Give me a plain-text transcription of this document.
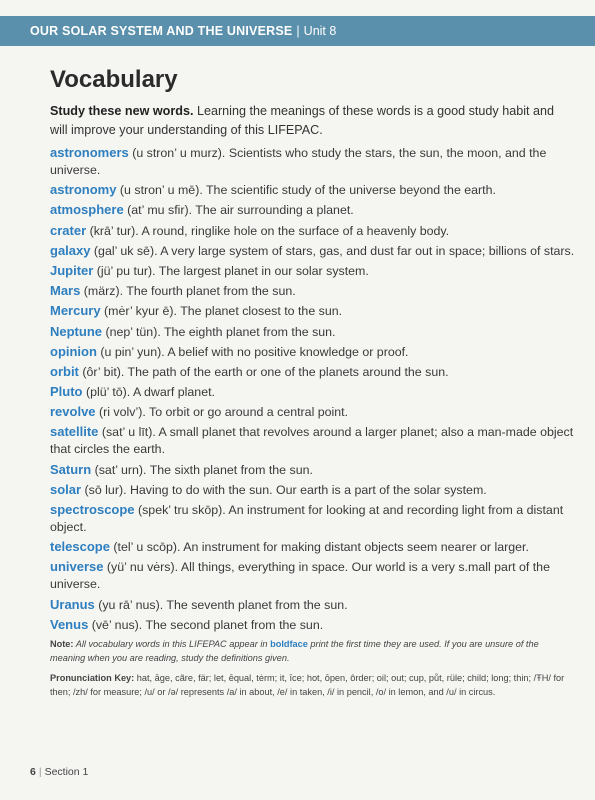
OUR SOLAR SYSTEM AND THE UNIVERSE | Unit 8
Vocabulary

Study these new words. Learning the meanings of these words is a good study habit and will improve your understanding of this LIFEPAC.

astronomers (u stron’ u murz). Scientists who study the stars, the sun, the moon, and the universe.
astronomy (u stron’ u mē). The scientific study of the universe beyond the earth.
atmosphere (at’ mu sfir). The air surrounding a planet.
crater (krā’ tur). A round, ringlike hole on the surface of a heavenly body.
galaxy (gal’ uk sē). A very large system of stars, gas, and dust far out in space; billions of stars.
Jupiter (jü’ pu tur). The largest planet in our solar system.
Mars (märz). The fourth planet from the sun.
Mercury (mėr’ kyur ē). The planet closest to the sun.
Neptune (nep’ tün). The eighth planet from the sun.
opinion (u pin’ yun). A belief with no positive knowledge or proof.
orbit (ôr’ bit). The path of the earth or one of the planets around the sun.
Pluto (plü’ tō). A dwarf planet.
revolve (ri volv’). To orbit or go around a central point.
satellite (sat’ u līt). A small planet that revolves around a larger planet; also a man-made object that circles the earth.
Saturn (sat’ urn). The sixth planet from the sun.
solar (sō lur). Having to do with the sun. Our earth is a part of the solar system.
spectroscope (spek’ tru skōp). An instrument for looking at and recording light from a distant object.
telescope (tel’ u scōp). An instrument for making distant objects seem nearer or larger.
universe (yü’ nu vėrs). All things, everything in space. Our world is a very s.mall part of the universe.
Uranus (yu rā’ nus). The seventh planet from the sun.
Venus (vē’ nus). The second planet from the sun.

Note: All vocabulary words in this LIFEPAC appear in boldface print the first time they are used. If you are unsure of the meaning when you are reading, study the definitions given.

Pronunciation Key: hat, āge, cãre, fär; let, ēqual, tėrm; it, īce; hot, ōpen, ôrder; oil; out; cup, půt, rüle; child; long; thin; /ŦH/ for then; /zh/ for measure; /u/ or /ə/ represents /a/ in about, /e/ in taken, /i/ in pencil, /o/ in lemon, and /u/ in circus.

6 | Section 1
